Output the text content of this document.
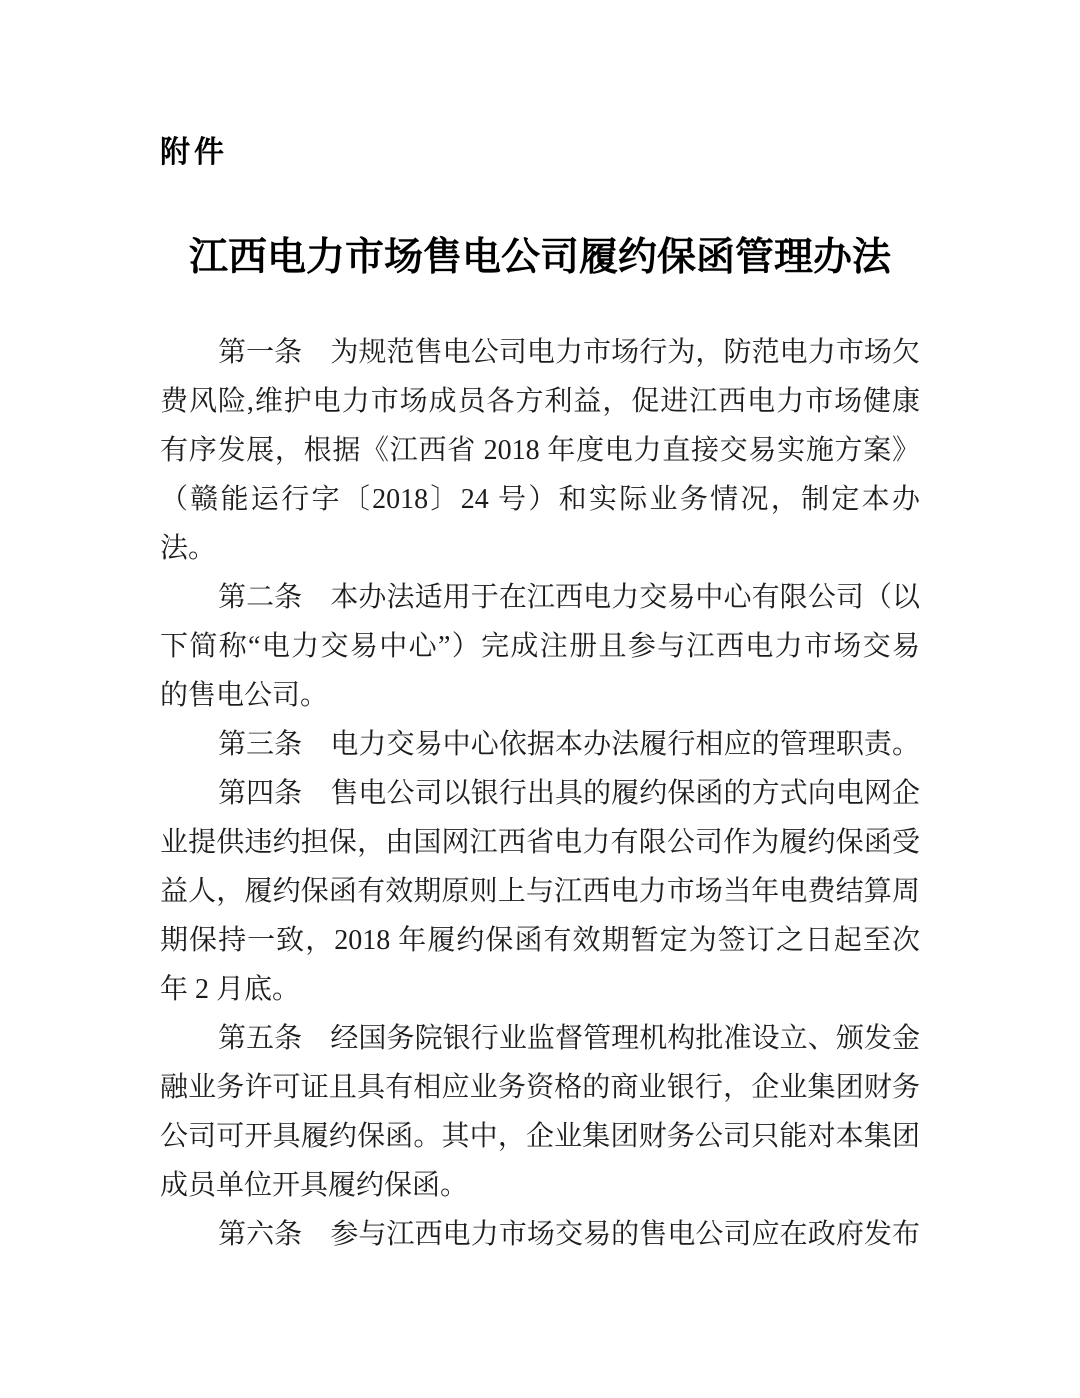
附件
江西电力市场售电公司履约保函管理办法
第一条　为规范售电公司电力市场行为，防范电力市场欠
费风险,维护电力市场成员各方利益，促进江西电力市场健康
有序发展，根据《江西省 2018 年度电力直接交易实施方案》
（赣能运行字〔2018〕24 号）和实际业务情况，制定本办
法。
第二条　本办法适用于在江西电力交易中心有限公司（以
下简称“电力交易中心”）完成注册且参与江西电力市场交易
的售电公司。
第三条　电力交易中心依据本办法履行相应的管理职责。
第四条　售电公司以银行出具的履约保函的方式向电网企
业提供违约担保，由国网江西省电力有限公司作为履约保函受
益人，履约保函有效期原则上与江西电力市场当年电费结算周
期保持一致，2018 年履约保函有效期暂定为签订之日起至次
年 2 月底。
第五条　经国务院银行业监督管理机构批准设立、颁发金
融业务许可证且具有相应业务资格的商业银行，企业集团财务
公司可开具履约保函。其中，企业集团财务公司只能对本集团
成员单位开具履约保函。
第六条　参与江西电力市场交易的售电公司应在政府发布
